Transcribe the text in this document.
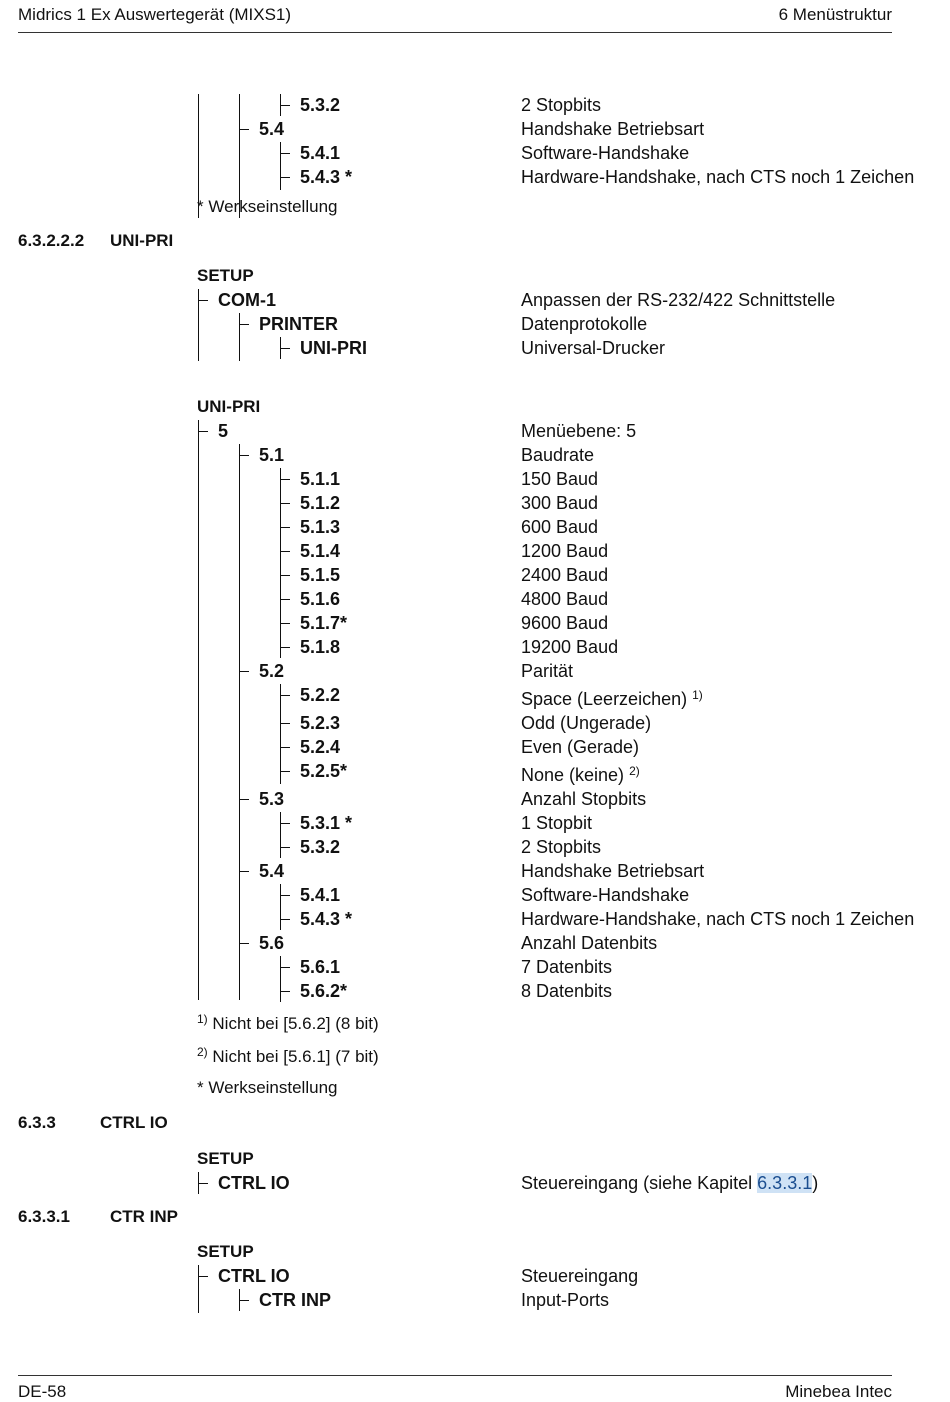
Midrics 1 Ex Auswertegerät (MIXS1)	6 Menüstruktur
5.3.2	2 Stopbits
5.4	Handshake Betriebsart
5.4.1	Software-Handshake
5.4.3 *	Hardware-Handshake, nach CTS noch 1 Zeichen
* Werkseinstellung
6.3.2.2.2 UNI-PRI
SETUP
COM-1	Anpassen der RS-232/422 Schnittstelle
PRINTER	Datenprotokolle
UNI-PRI	Universal-Drucker
UNI-PRI
5	Menüebene: 5
5.1	Baudrate
5.1.1	150 Baud
5.1.2	300 Baud
5.1.3	600 Baud
5.1.4	1200 Baud
5.1.5	2400 Baud
5.1.6	4800 Baud
5.1.7*	9600 Baud
5.1.8	19200 Baud
5.2	Parität
5.2.2	Space (Leerzeichen) $^{1)}$
5.2.3	Odd (Ungerade)
5.2.4	Even (Gerade)
5.2.5*	None (keine) $^{2)}$
5.3	Anzahl Stopbits
5.3.1 *	1 Stopbit
5.3.2	2 Stopbits
5.4	Handshake Betriebsart
5.4.1	Software-Handshake
5.4.3 *	Hardware-Handshake, nach CTS noch 1 Zeichen
5.6	Anzahl Datenbits
5.6.1	7 Datenbits
5.6.2*	8 Datenbits
$^{1)}$ Nicht bei [5.6.2] (8 bit)
$^{2)}$ Nicht bei [5.6.1] (7 bit)
* Werkseinstellung
6.3.3	CTRL IO
SETUP
CTRL IO	Steuereingang (siehe Kapitel 6.3.3.1)
6.3.3.1 CTR INP
SETUP
CTRL IO	Steuereingang
CTR INP	Input-Ports
DE-58	Minebea Intec
